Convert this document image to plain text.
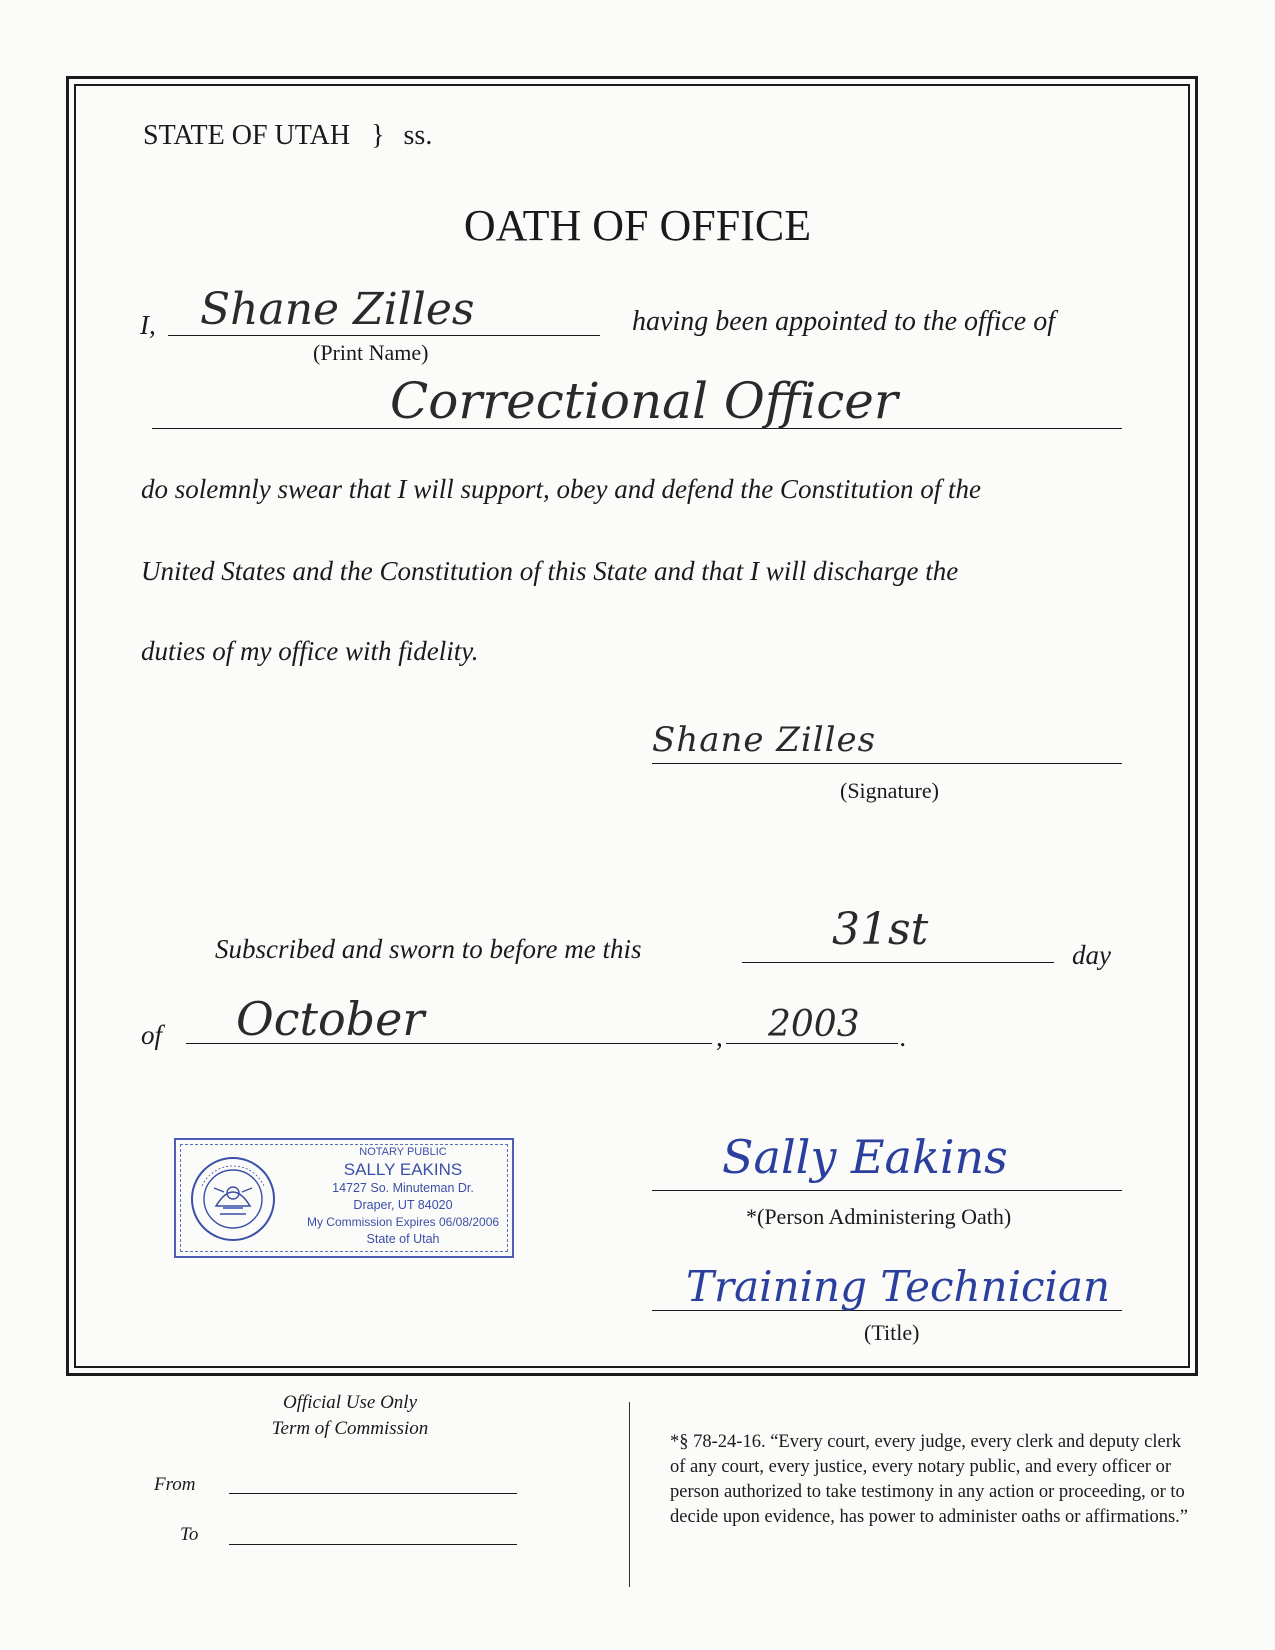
STATE OF UTAH } ss.
OATH OF OFFICE
I, Shane Zilles
(Print Name)
having been appointed to the office of
Correctional Officer
do solemnly swear that I will support, obey and defend the Constitution of the
United States and the Constitution of this State and that I will discharge the
duties of my office with fidelity.
Shane Zilles
(Signature)
Subscribed and sworn to before me this	31st	day
of October	, 2003 .
NOTARY PUBLIC
SALLY EAKINS
14727 So. Minuteman Dr.
Draper, UT 84020
My Commission Expires 06/08/2006
State of Utah
Sally Eakins
*(Person Administering Oath)
Training Technician
(Title)
Official Use Only
Term of Commission
From
To
*§ 78-24-16. “Every court, every judge, every clerk and deputy clerk of any court, every justice, every notary public, and every officer or person authorized to take testimony in any action or proceeding, or to decide upon evidence, has power to administer oaths or affirmations.”
